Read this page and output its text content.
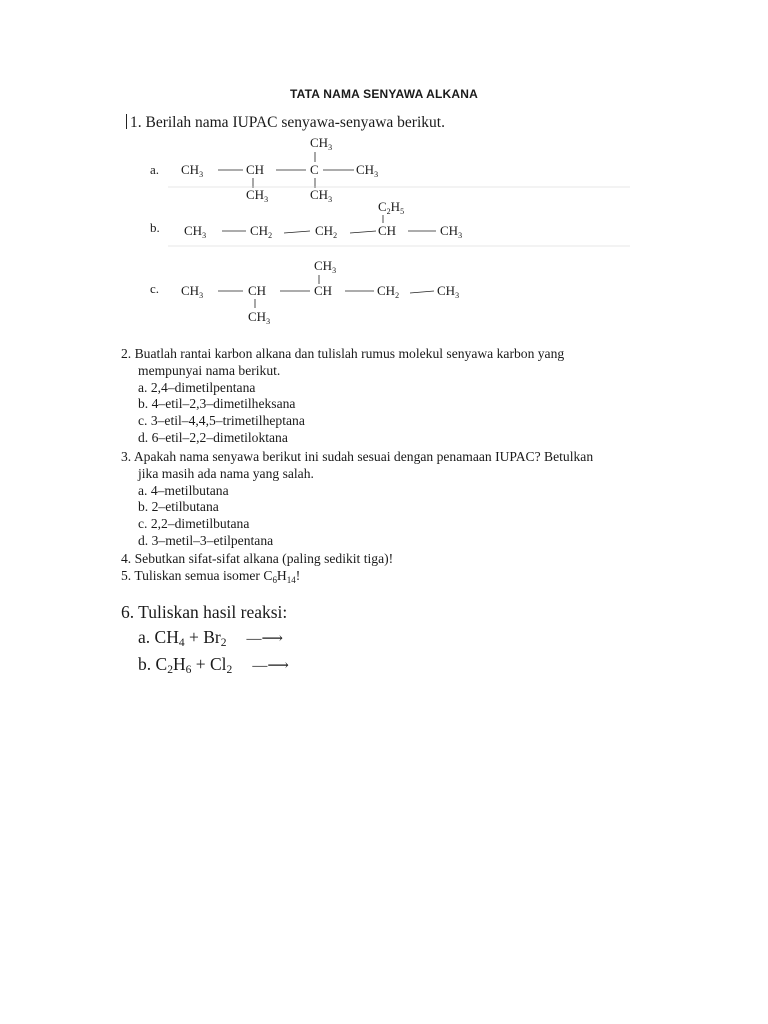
TATA NAMA SENYAWA ALKANA
1. Berilah nama IUPAC senyawa-senyawa berikut.
a. $CH_3$	CH	C	$CH_3$
$CH_3$
$CH_3$	$CH_3$
b. $CH_3$	$CH_2$	$CH_2$	CH	$CH_3$
$C_2H_5$
c. $CH_3$	CH	CH	$CH_2$	$CH_3$
$CH_3$
$CH_3$
2. Buatlah rantai karbon alkana dan tulislah rumus molekul senyawa karbon yang
mempunyai nama berikut.
a. 2,4–dimetilpentana
b. 4–etil–2,3–dimetilheksana
c. 3–etil–4,4,5–trimetilheptana
d. 6–etil–2,2–dimetiloktana
3. Apakah nama senyawa berikut ini sudah sesuai dengan penamaan IUPAC? Betulkan
jika masih ada nama yang salah.
a. 4–metilbutana
b. 2–etilbutana
c. 2,2–dimetilbutana
d. 3–metil–3–etilpentana
4. Sebutkan sifat-sifat alkana (paling sedikit tiga)!
5. Tuliskan semua isomer $C_6H_{14}$!
6. Tuliskan hasil reaksi:
a. $CH_4 + Br_2$ —⟶
b. $C_2H_6 + Cl_2$ —⟶
